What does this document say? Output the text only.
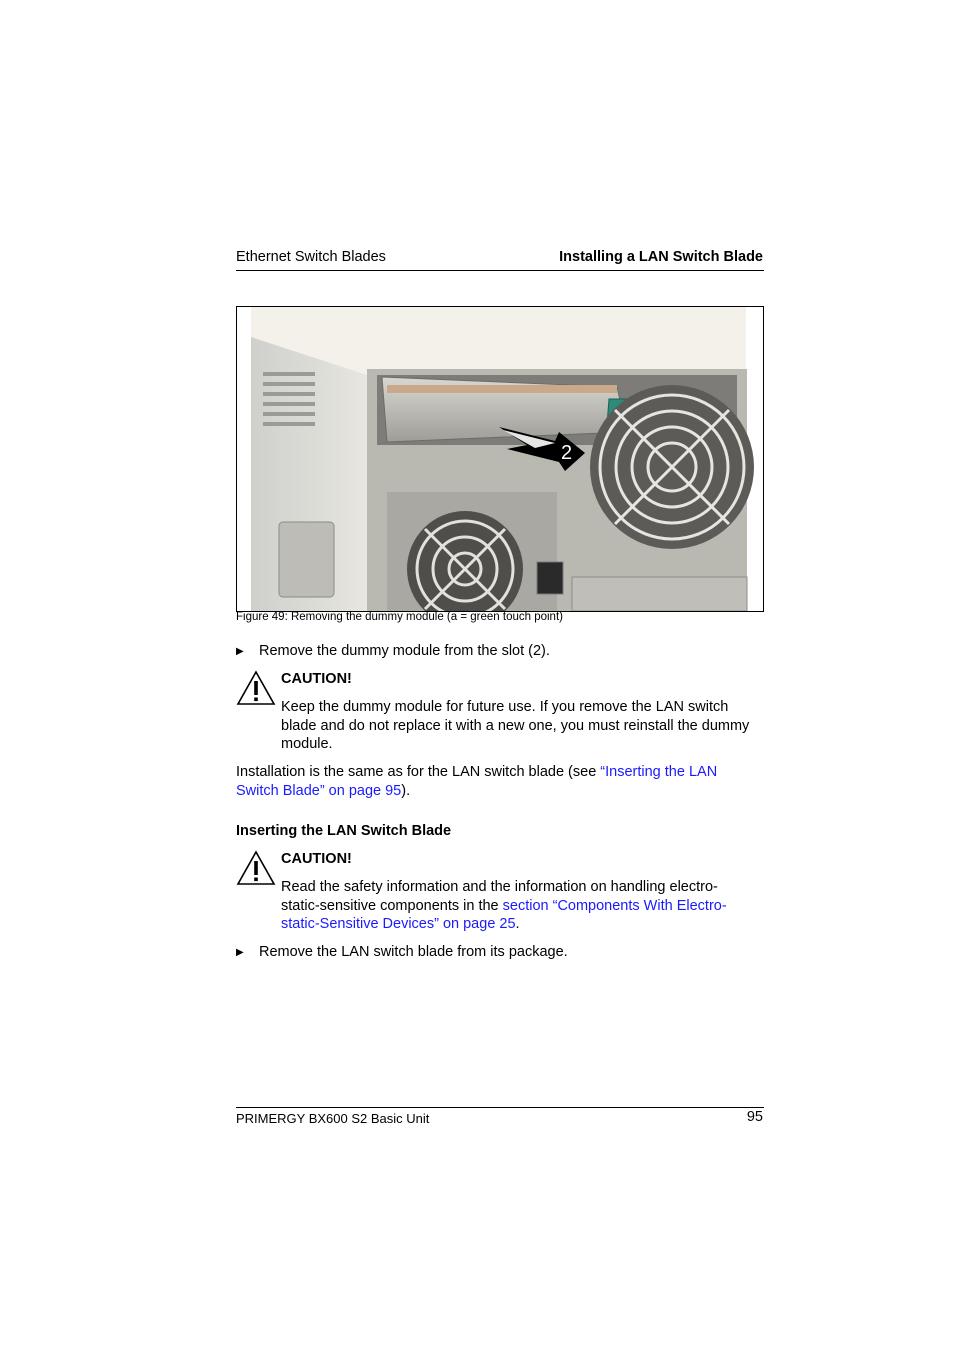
Ethernet Switch Blades	Installing a LAN Switch Blade
2
Figure 49: Removing the dummy module (a = green touch point)
▶ Remove the dummy module from the slot (2).
CAUTION!
Keep the dummy module for future use. If you remove the LAN switch blade and do not replace it with a new one, you must reinstall the dummy module.
Installation is the same as for the LAN switch blade (see “Inserting the LAN
Switch Blade” on page 95).
Inserting the LAN Switch Blade
CAUTION!
Read the safety information and the information on handling electro-
static-sensitive components in the section “Components With Electro-
static-Sensitive Devices” on page 25.
▶ Remove the LAN switch blade from its package.
PRIMERGY BX600 S2 Basic Unit	95
